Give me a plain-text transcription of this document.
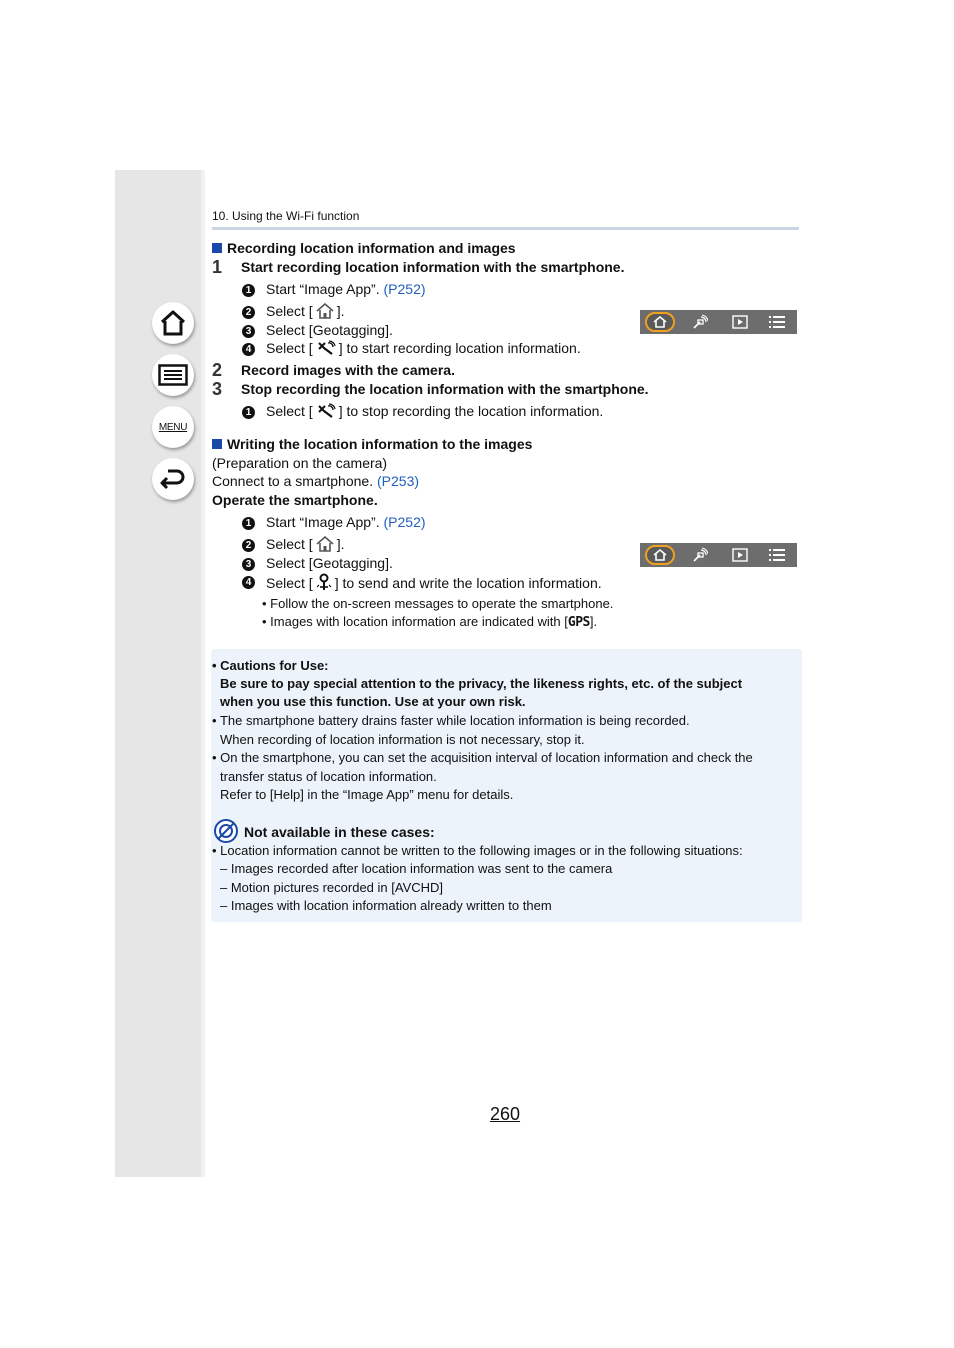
MENU
10. Using the Wi-Fi function
Recording location information and images
1 Start recording location information with the smartphone.
1 Start “Image App”. (P252)
2 Select [ ].
3 Select [Geotagging].
4 Select [ ] to start recording location information.
2 Record images with the camera.
3 Stop recording the location information with the smartphone.
1 Select [ ] to stop recording the location information.
Writing the location information to the images
(Preparation on the camera)
Connect to a smartphone. (P253)
Operate the smartphone.
1 Start “Image App”. (P252)
2 Select [ ].
3 Select [Geotagging].
4 Select [ ] to send and write the location information.
• Follow the on-screen messages to operate the smartphone.
• Images with location information are indicated with [GPS].
• Cautions for Use:
Be sure to pay special attention to the privacy, the likeness rights, etc. of the subject
when you use this function. Use at your own risk.
• The smartphone battery drains faster while location information is being recorded.
When recording of location information is not necessary, stop it.
• On the smartphone, you can set the acquisition interval of location information and check the
transfer status of location information.
Refer to [Help] in the “Image App” menu for details.
Not available in these cases:
• Location information cannot be written to the following images or in the following situations:
– Images recorded after location information was sent to the camera
– Motion pictures recorded in [AVCHD]
– Images with location information already written to them
260
